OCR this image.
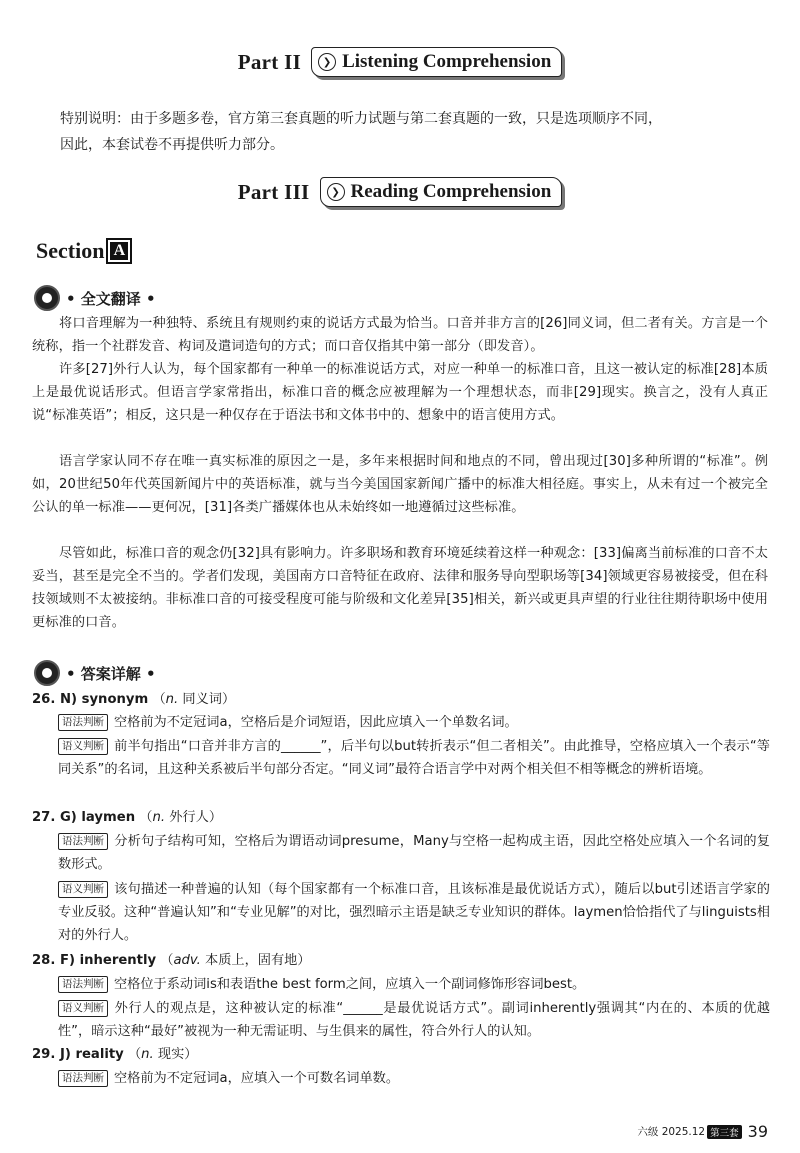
Part II	❯ Listening Comprehension
特别说明：由于多题多卷，官方第三套真题的听力试题与第二套真题的一致，只是选项顺序不同，
因此，本套试卷不再提供听力部分。
Part III	❯ Reading Comprehension
Section A
• 全文翻译 •
将口音理解为一种独特、系统且有规则约束的说话方式最为恰当。口音并非方言的[26]同义词，但二者有关。方言是一个统称，指一个社群发音、构词及遣词造句的方式；而口音仅指其中第一部分（即发音）。
许多[27]外行人认为，每个国家都有一种单一的标准说话方式，对应一种单一的标准口音，且这一被认定的标准[28]本质上是最优说话形式。但语言学家常指出，标准口音的概念应被理解为一个理想状态，而非[29]现实。换言之，没有人真正说“标准英语”；相反，这只是一种仅存在于语法书和文体书中的、想象中的语言使用方式。
语言学家认同不存在唯一真实标准的原因之一是，多年来根据时间和地点的不同，曾出现过[30]多种所谓的“标准”。例如，20世纪50年代英国新闻片中的英语标准，就与当今美国国家新闻广播中的标准大相径庭。事实上，从未有过一个被完全公认的单一标准——更何况，[31]各类广播媒体也从未始终如一地遵循过这些标准。
尽管如此，标准口音的观念仍[32]具有影响力。许多职场和教育环境延续着这样一种观念：[33]偏离当前标准的口音不太妥当，甚至是完全不当的。学者们发现，美国南方口音特征在政府、法律和服务导向型职场等[34]领域更容易被接受，但在科技领域则不太被接纳。非标准口音的可接受程度可能与阶级和文化差异[35]相关，新兴或更具声望的行业往往期待职场中使用更标准的口音。
• 答案详解 •
26. N) synonym （n. 同义词）
语法判断 空格前为不定冠词a，空格后是介词短语，因此应填入一个单数名词。
语义判断 前半句指出“口音并非方言的______”，后半句以but转折表示“但二者相关”。由此推导，空格应填入一个表示“等同关系”的名词，且这种关系被后半句部分否定。“同义词”最符合语言学中对两个相关但不相等概念的辨析语境。
27. G) laymen （n. 外行人）
语法判断 分析句子结构可知，空格后为谓语动词presume，Many与空格一起构成主语，因此空格处应填入一个名词的复数形式。
语义判断 该句描述一种普遍的认知（每个国家都有一个标准口音，且该标准是最优说话方式），随后以but引述语言学家的专业反驳。这种“普遍认知”和“专业见解”的对比，强烈暗示主语是缺乏专业知识的群体。laymen恰恰指代了与linguists相对的外行人。
28. F) inherently （adv. 本质上，固有地）
语法判断 空格位于系动词is和表语the best form之间，应填入一个副词修饰形容词best。
语义判断 外行人的观点是，这种被认定的标准“______是最优说话方式”。副词inherently强调其“内在的、本质的优越性”，暗示这种“最好”被视为一种无需证明、与生俱来的属性，符合外行人的认知。
29. J) reality （n. 现实）
语法判断 空格前为不定冠词a，应填入一个可数名词单数。
六级 2025.12 第三套 39
